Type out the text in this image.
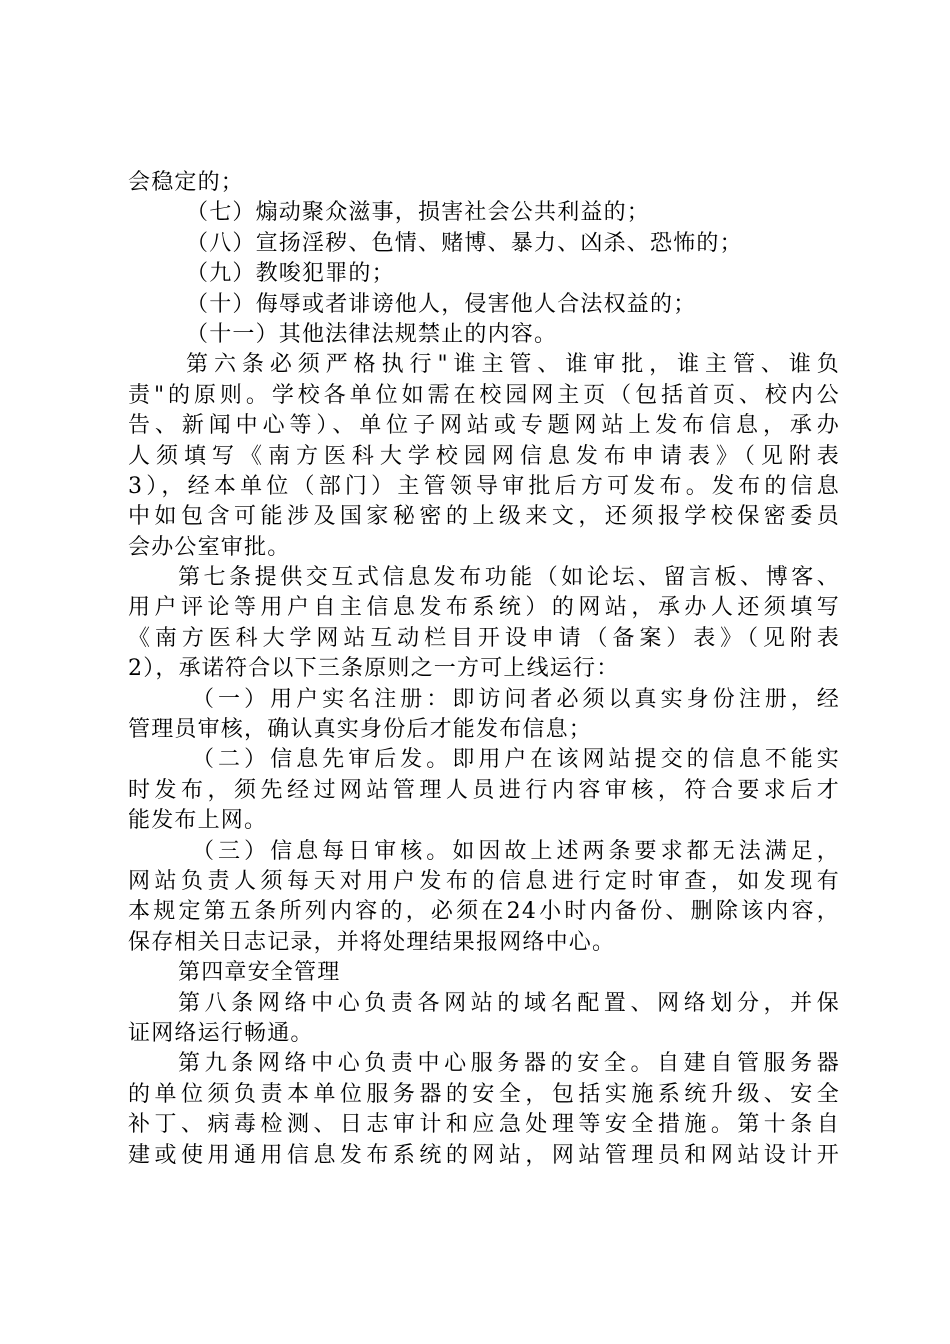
会稳定的；
（七）煽动聚众滋事，损害社会公共利益的；
（八）宣扬淫秽、色情、赌博、暴力、凶杀、恐怖的；
（九）教唆犯罪的；
（十）侮辱或者诽谤他人，侵害他人合法权益的；
（十一）其他法律法规禁止的内容。
第六条必须严格执行"谁主管、谁审批，谁主管、谁负
责"的原则。学校各单位如需在校园网主页（包括首页、校内公
告、新闻中心等）、单位子网站或专题网站上发布信息，承办
人须填写《南方医科大学校园网信息发布申请表》（见附表
3），经本单位（部门）主管领导审批后方可发布。发布的信息
中如包含可能涉及国家秘密的上级来文，还须报学校保密委员
会办公室审批。
第七条提供交互式信息发布功能（如论坛、留言板、博客、
用户评论等用户自主信息发布系统）的网站，承办人还须填写
《南方医科大学网站互动栏目开设申请（备案）表》（见附表
2），承诺符合以下三条原则之一方可上线运行：
（一）用户实名注册：即访问者必须以真实身份注册，经
管理员审核，确认真实身份后才能发布信息；
（二）信息先审后发。即用户在该网站提交的信息不能实
时发布，须先经过网站管理人员进行内容审核，符合要求后才
能发布上网。
（三）信息每日审核。如因故上述两条要求都无法满足，
网站负责人须每天对用户发布的信息进行定时审查，如发现有
本规定第五条所列内容的，必须在24小时内备份、删除该内容，
保存相关日志记录，并将处理结果报网络中心。
第四章安全管理
第八条网络中心负责各网站的域名配置、网络划分，并保
证网络运行畅通。
第九条网络中心负责中心服务器的安全。自建自管服务器
的单位须负责本单位服务器的安全，包括实施系统升级、安全
补丁、病毒检测、日志审计和应急处理等安全措施。第十条自
建或使用通用信息发布系统的网站，网站管理员和网站设计开
